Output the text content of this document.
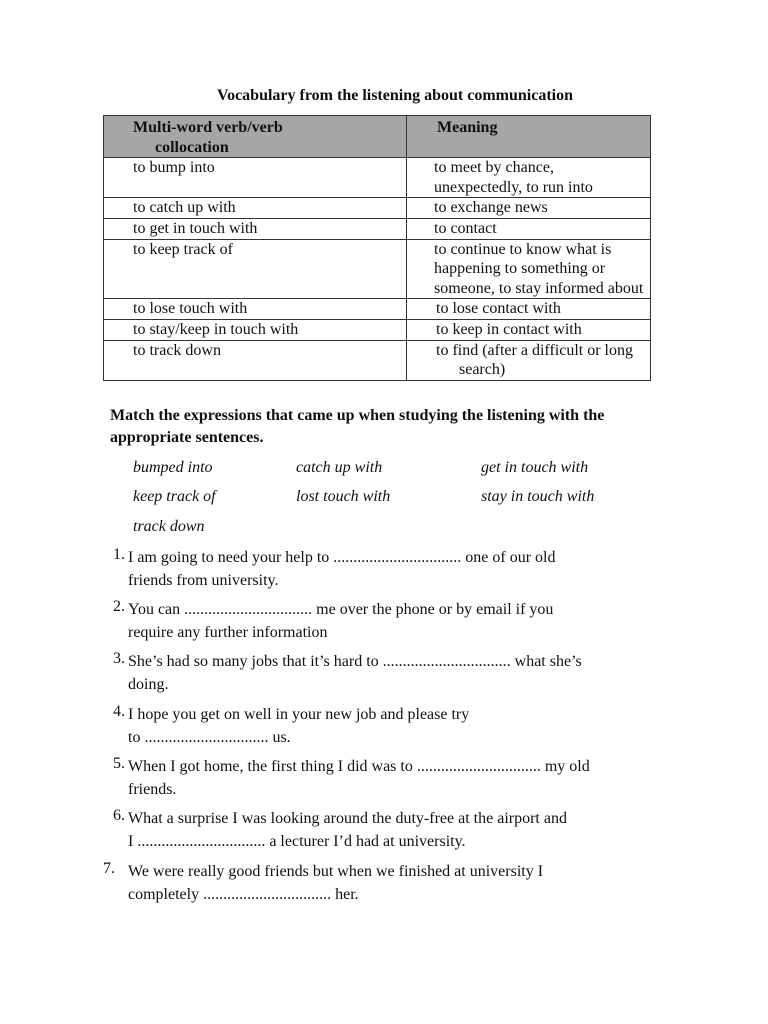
Vocabulary from the listening about communication
Multi-word verb/verb
collocation	Meaning
to bump into	to meet by chance,
unexpectedly, to run into

to catch up with	to exchange news
to get in touch with	to contact
to keep track of	to continue to know what is
happening to something or
someone, to stay informed about

to lose touch with	to lose contact with
to stay/keep in touch with	to keep in contact with
to track down	to find (after a difficult or long
search)
Match the expressions that came up when studying the listening with the appropriate sentences.
bumped into	catch up with	get in touch with
keep track of	lost touch with	stay in touch with
track down
1. I am going to need your help to ................................ one of our old
friends from university.
2. You can ................................ me over the phone or by email if you
require any further information
3. She’s had so many jobs that it’s hard to ................................ what she’s
doing.
4. I hope you get on well in your new job and please try
to ............................... us.
5. When I got home, the first thing I did was to ............................... my old
friends.
6. What a surprise I was looking around the duty-free at the airport and
I ................................ a lecturer I’d had at university.
7. We were really good friends but when we finished at university I
completely ................................ her.
